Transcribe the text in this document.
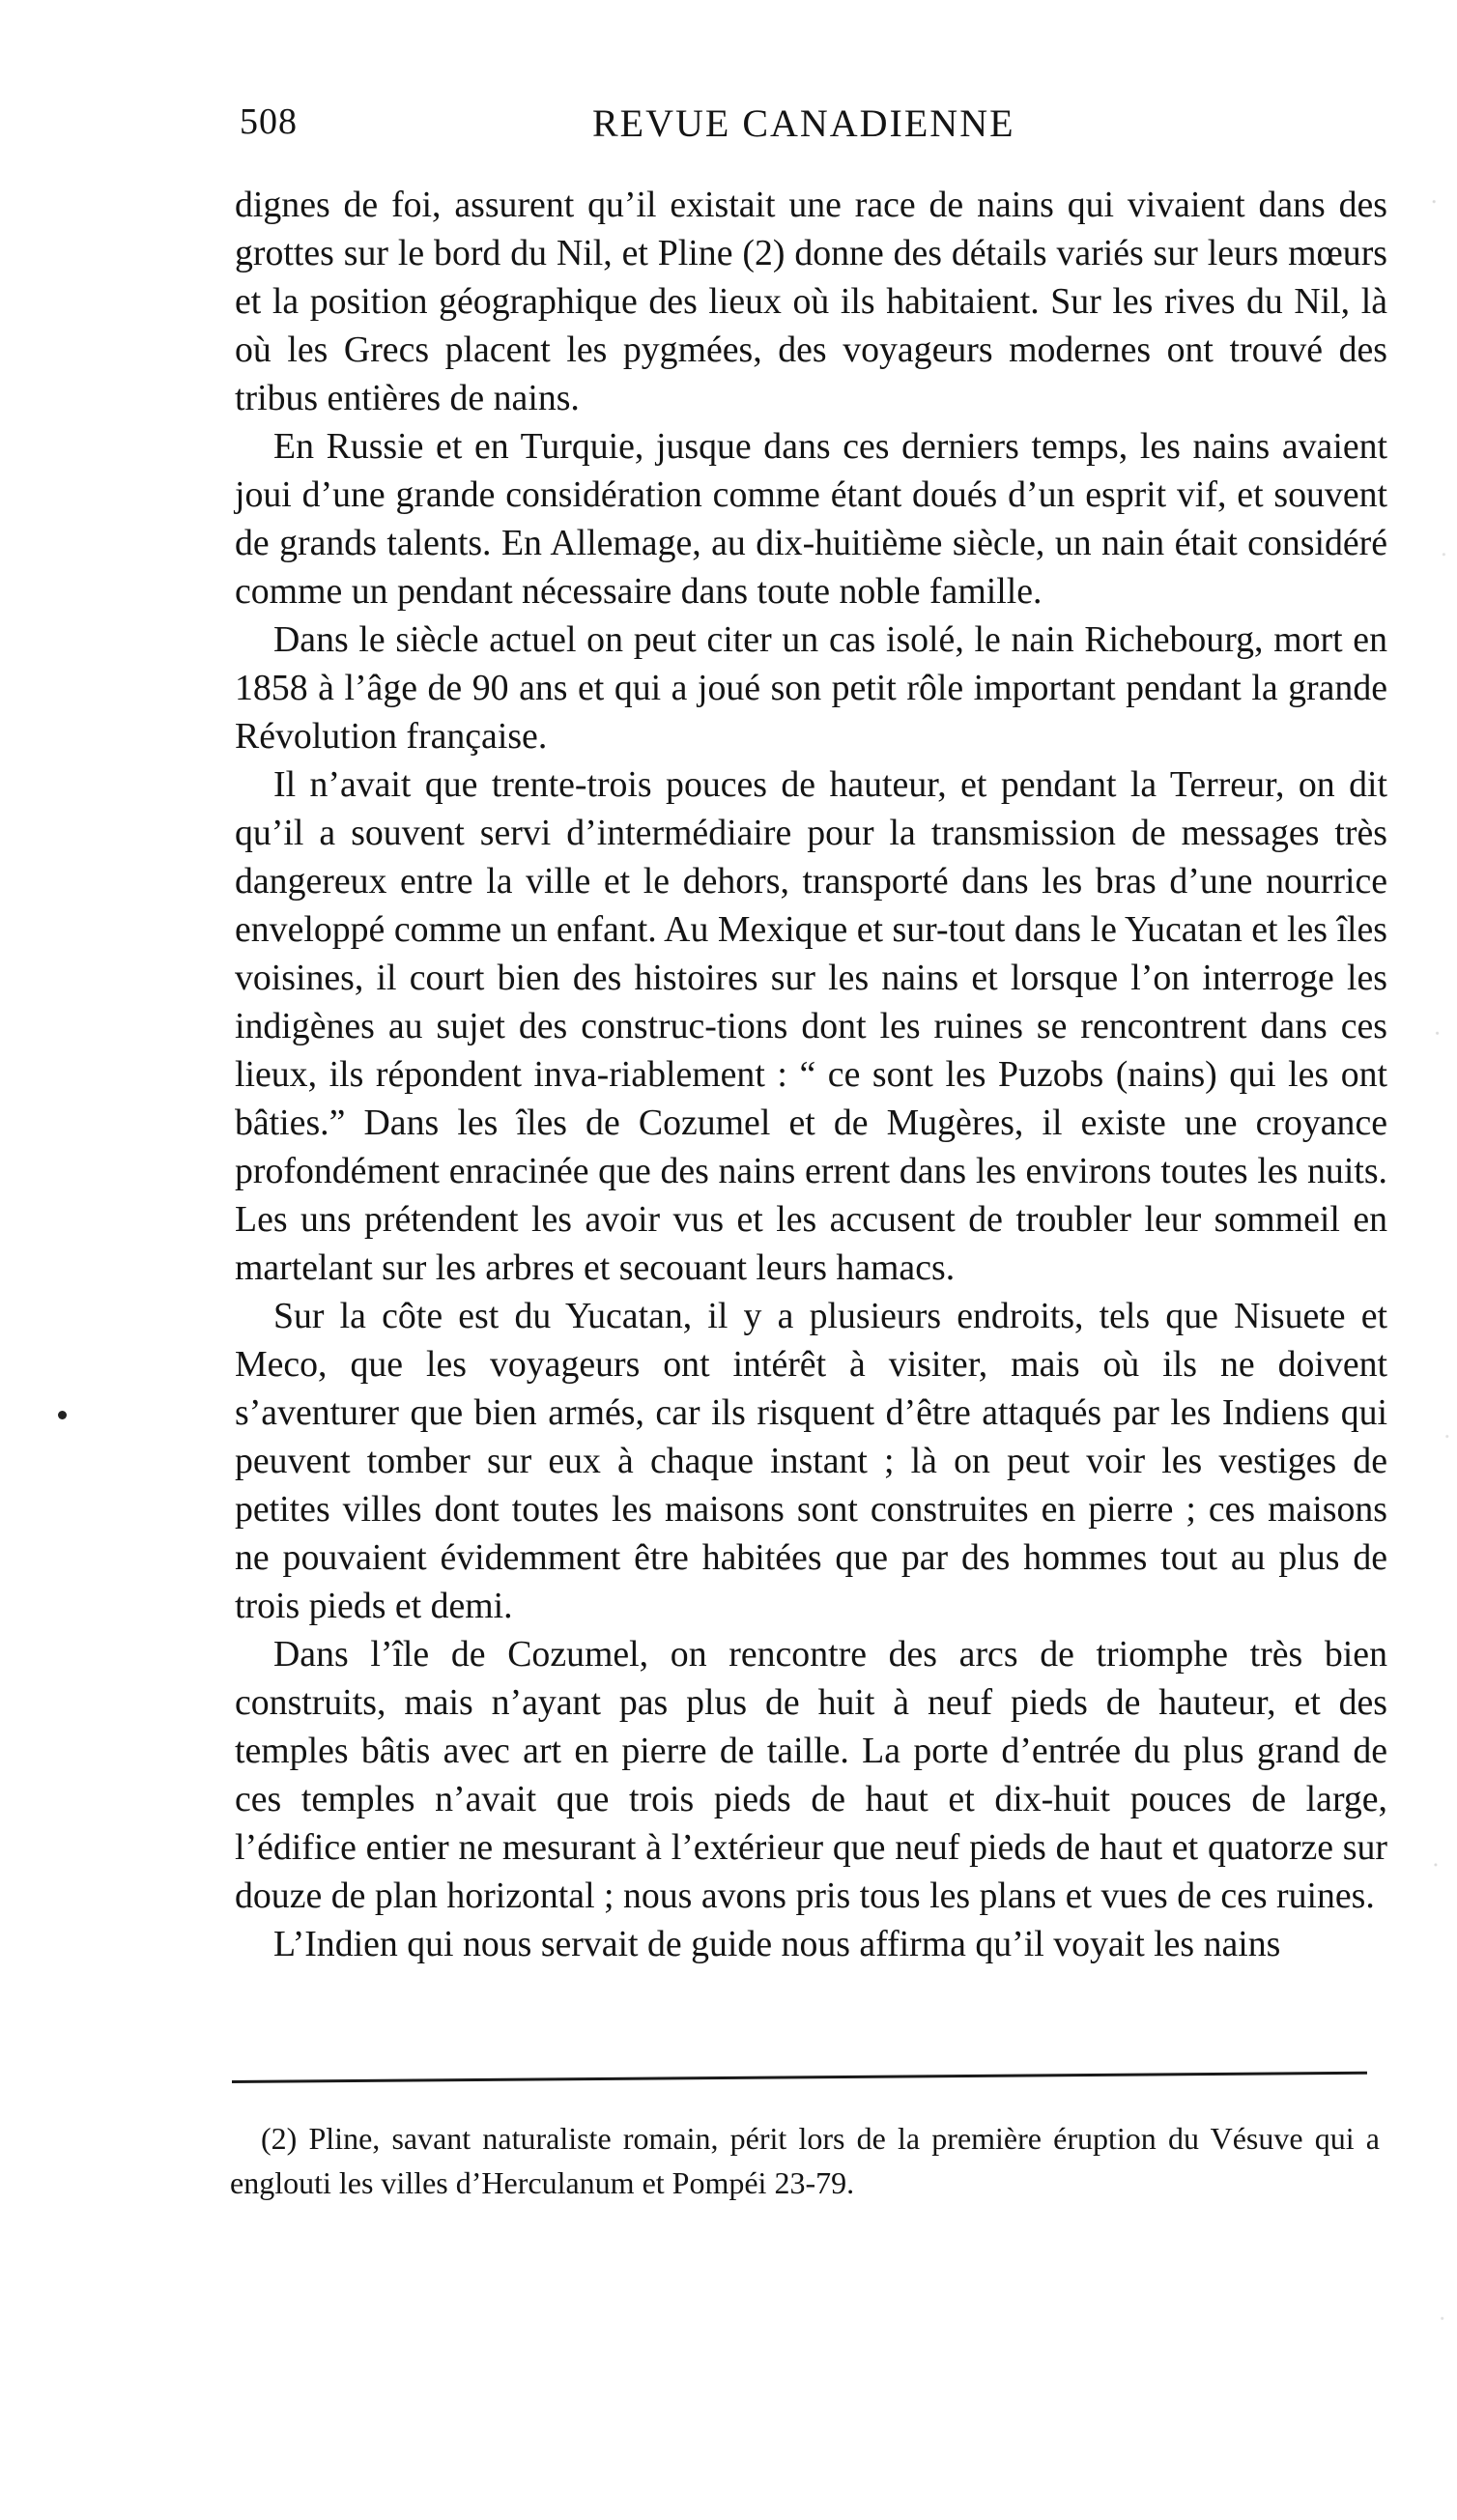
508	REVUE CANADIENNE

dignes de foi, assurent qu’il existait une race de nains qui vivaient dans des grottes sur le bord du Nil, et Pline (2) donne des détails variés sur leurs mœurs et la position géographique des lieux où ils habitaient. Sur les rives du Nil, là où les Grecs placent les pygmées, des voyageurs modernes ont trouvé des tribus entières de nains.

En Russie et en Turquie, jusque dans ces derniers temps, les nains avaient joui d’une grande considération comme étant doués d’un esprit vif, et souvent de grands talents. En Allemage, au dix-huitième siècle, un nain était considéré comme un pendant nécessaire dans toute noble famille.

Dans le siècle actuel on peut citer un cas isolé, le nain Richebourg, mort en 1858 à l’âge de 90 ans et qui a joué son petit rôle important pendant la grande Révolution française.

Il n’avait que trente-trois pouces de hauteur, et pendant la Terreur, on dit qu’il a souvent servi d’intermédiaire pour la transmission de messages très dangereux entre la ville et le dehors, transporté dans les bras d’une nourrice enveloppé comme un enfant. Au Mexique et sur-tout dans le Yucatan et les îles voisines, il court bien des histoires sur les nains et lorsque l’on interroge les indigènes au sujet des construc-tions dont les ruines se rencontrent dans ces lieux, ils répondent inva-riablement : “ ce sont les Puzobs (nains) qui les ont bâties.” Dans les îles de Cozumel et de Mugères, il existe une croyance profondément enracinée que des nains errent dans les environs toutes les nuits. Les uns prétendent les avoir vus et les accusent de troubler leur sommeil en martelant sur les arbres et secouant leurs hamacs.

Sur la côte est du Yucatan, il y a plusieurs endroits, tels que Nisuete et Meco, que les voyageurs ont intérêt à visiter, mais où ils ne doivent s’aventurer que bien armés, car ils risquent d’être attaqués par les Indiens qui peuvent tomber sur eux à chaque instant ; là on peut voir les vestiges de petites villes dont toutes les maisons sont construites en pierre ; ces maisons ne pouvaient évidemment être habitées que par des hommes tout au plus de trois pieds et demi.

Dans l’île de Cozumel, on rencontre des arcs de triomphe très bien construits, mais n’ayant pas plus de huit à neuf pieds de hauteur, et des temples bâtis avec art en pierre de taille. La porte d’entrée du plus grand de ces temples n’avait que trois pieds de haut et dix-huit pouces de large, l’édifice entier ne mesurant à l’extérieur que neuf pieds de haut et quatorze sur douze de plan horizontal ; nous avons pris tous les plans et vues de ces ruines.

L’Indien qui nous servait de guide nous affirma qu’il voyait les nains

(2) Pline, savant naturaliste romain, périt lors de la première éruption du Vésuve qui a englouti les villes d’Herculanum et Pompéi 23-79.
